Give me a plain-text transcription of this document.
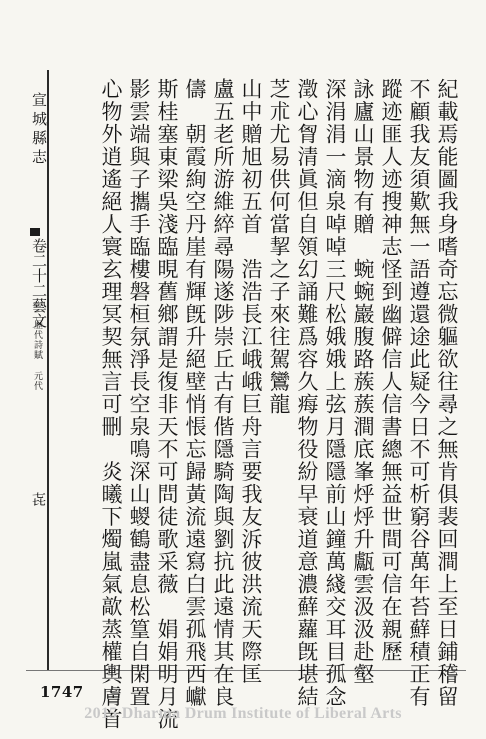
宣城縣志
卷二十二藝文
歷代詩賦 元代
㐂	紀載焉能圖我身嗜奇忘微軀欲往尋之無肯俱裴回澗上至日鋪稽留
不顧我友須歎無一語遵還途此疑今日不可析窮谷萬年苔蘚積正有
蹤迹匪人迹搜神志怪到幽僻信人信書總無益世間可信在親歷
詠廬山景物有贈　蜿蜿巖腹路蔟蔟澗底峯烀烀升甗雲汲汲赴壑
深涓涓一滴泉啅啅三尺松娥娥上弦月隱隱前山鐘萬綫交耳目孤念
澂心胷清眞但自領幻誦難爲容久痗物役紛早衰道意濃蘚蘿旣堪結
芝朮尤易供何當挈之子來往駕鸞龍
山中贈旭初五首　浩浩長江峨峨巨舟言要我友泝彼洪流天際匡
盧五老所游維綷尋陽遂陟崇丘古有偕隱騎陶與劉抗此遠情其在良
儔　朝霞絢空丹崖有輝旣升絕壁悄悵忘歸黃流遠寫白雲孤飛西巘
斯桂塞東梁吳淺臨晛舊鄉謂是復非天不可問徒歌采薇　娟娟明月流
影雲端與子攜手臨樓磐桓氛淨長空泉鳴深山蝬鶴盡息松篁自閑置
心物外逍遙絕人寰玄理冥契無言可刪　炎曦下燭嵐氣歊蒸權輿膚首
1747
2015 Dharma Drum Institute of Liberal Arts
